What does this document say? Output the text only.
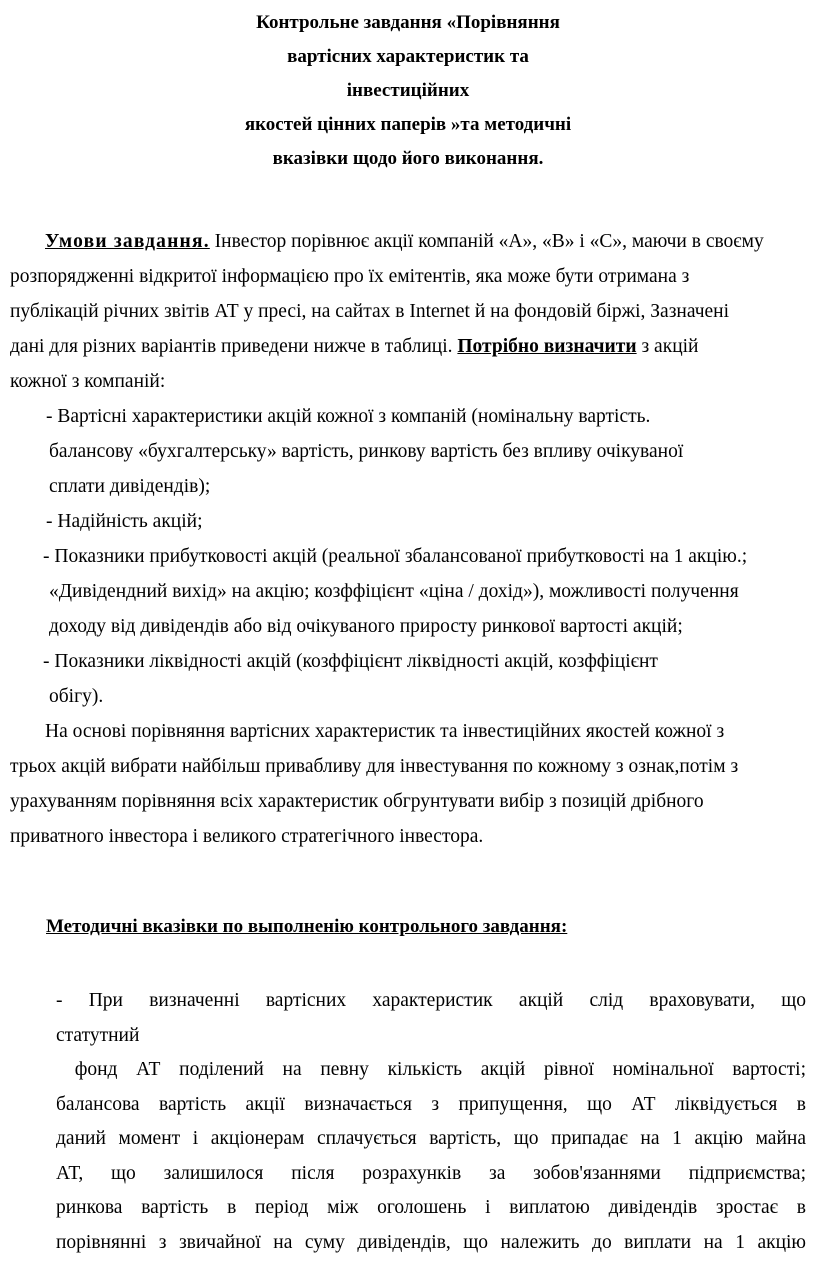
Контрольне завдання «Порівняння
вартісних характеристик та
інвестиційних
якостей цінних паперів »та методичні
вказівки щодо його виконання.
Умови завдання. Інвестор порівнює акції компаній «А», «В» і «С», маючи в своєму
розпорядженні відкритої інформацією про їх емітентів, яка може бути отримана з
публікацій річних звітів АТ у пресі, на сайтах в Іnternet й на фондовій біржі, Зазначені
дані для різних варіантів приведени нижче в таблиці. Потрібно визначити з акцій
кожної з компаній:
- Вартісні характеристики акцій кожної з компаній (номінальну вартість.
балансову «бухгалтерську» вартість, ринкову вартість без впливу очікуваної
сплати дивідендів);
- Надійність акцій;
- Показники прибутковості акцій (реальної збалансованої прибутковості на 1 акцію.;
«Дивідендний вихід» на акцію; козффіцієнт «ціна / дохід»), можливості получення
доходу від дивідендів або від очікуваного приросту ринкової вартості акцій;
- Показники ліквідності акцій (козффіцієнт ліквідності акцій, козффіцієнт
обігу).
На основі порівняння вартісних характеристик та інвестиційних якостей кожної з
трьох акцій вибрати найбільш привабливу для інвестування по кожному з ознак,потім з
урахуванням порівняння всіх характеристик обгрунтувати вибір з позицій дрібного
приватного інвестора і великого стратегічного інвестора.
Методичні вказівки по выполненію контрольного завдання:
- При визначенні вартісних характеристик акцій слід враховувати, що
статутний
фонд АТ поділений на певну кількість акцій рівної номінальної вартості;
балансова вартість акції визначається з припущення, що АТ ліквідується в
даний момент і акціонерам сплачується вартість, що припадає на 1 акцію майна
АТ, що залишилося після розрахунків за зобов'язаннями підприємства;
ринкова вартість в період між оголошень і виплатою дивідендів зростає в
порівнянні з звичайної на суму дивідендів, що належить до виплати на 1 акцію
